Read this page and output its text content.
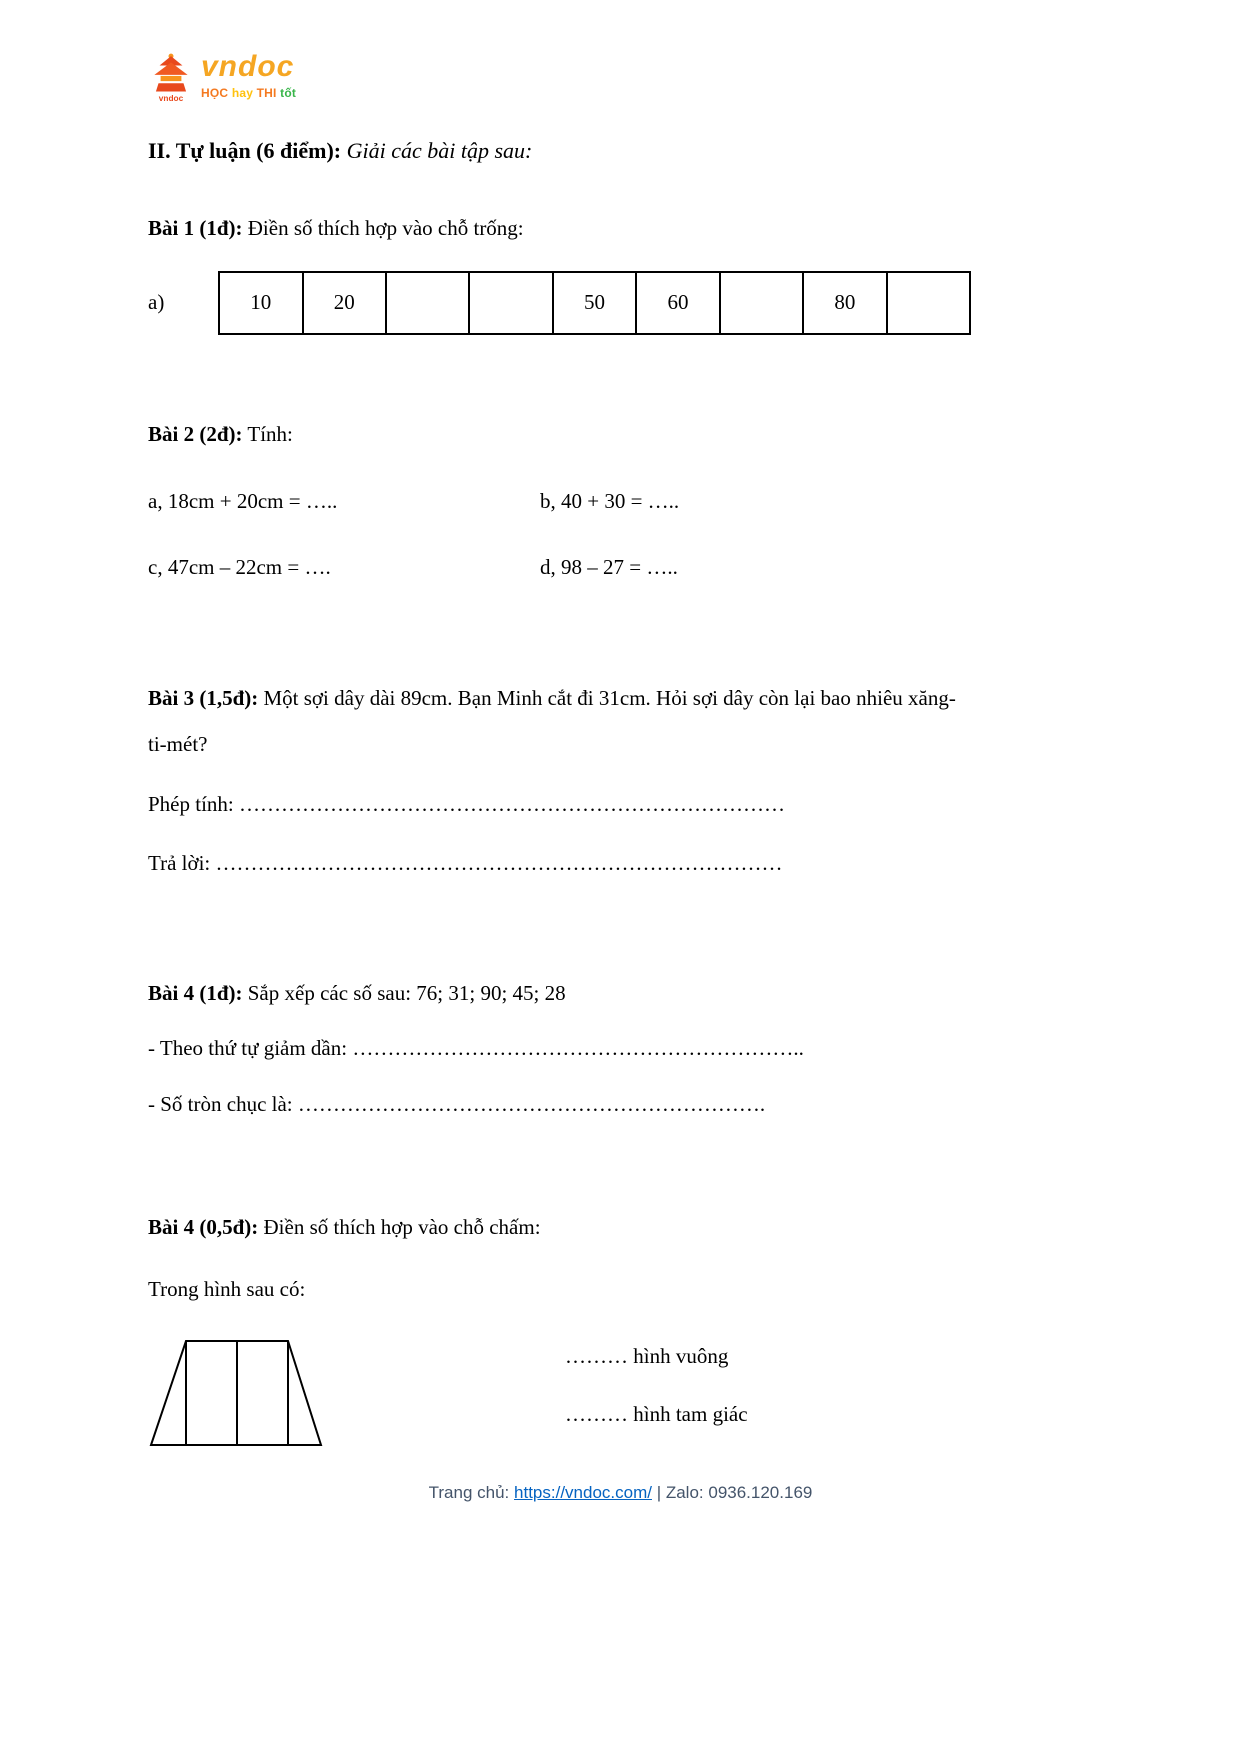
vndoc
vndoc
HỌC hay THI tốt

II. Tự luận (6 điểm): Giải các bài tập sau:

Bài 1 (1đ): Điền số thích hợp vào chỗ trống:

a)	10	20			50	60		80	

Bài 2 (2đ): Tính:

a, 18cm + 20cm = …..	b, 40 + 30 = …..

c, 47cm – 22cm = ….	d, 98 – 27 = …..

Bài 3 (1,5đ): Một sợi dây dài 89cm. Bạn Minh cắt đi 31cm. Hỏi sợi dây còn lại bao nhiêu xăng-ti-mét?

Phép tính: ……………………………………………………………………

Trả lời: ………………………………………………………………………

Bài 4 (1đ): Sắp xếp các số sau: 76; 31; 90; 45; 28

- Theo thứ tự giảm dần: ………………………………………………………..

- Số tròn chục là: ………………………………………………………….

Bài 4 (0,5đ): Điền số thích hợp vào chỗ chấm:

Trong hình sau có:

……… hình vuông

……… hình tam giác

Trang chủ: https://vndoc.com/ | Zalo: 0936.120.169
